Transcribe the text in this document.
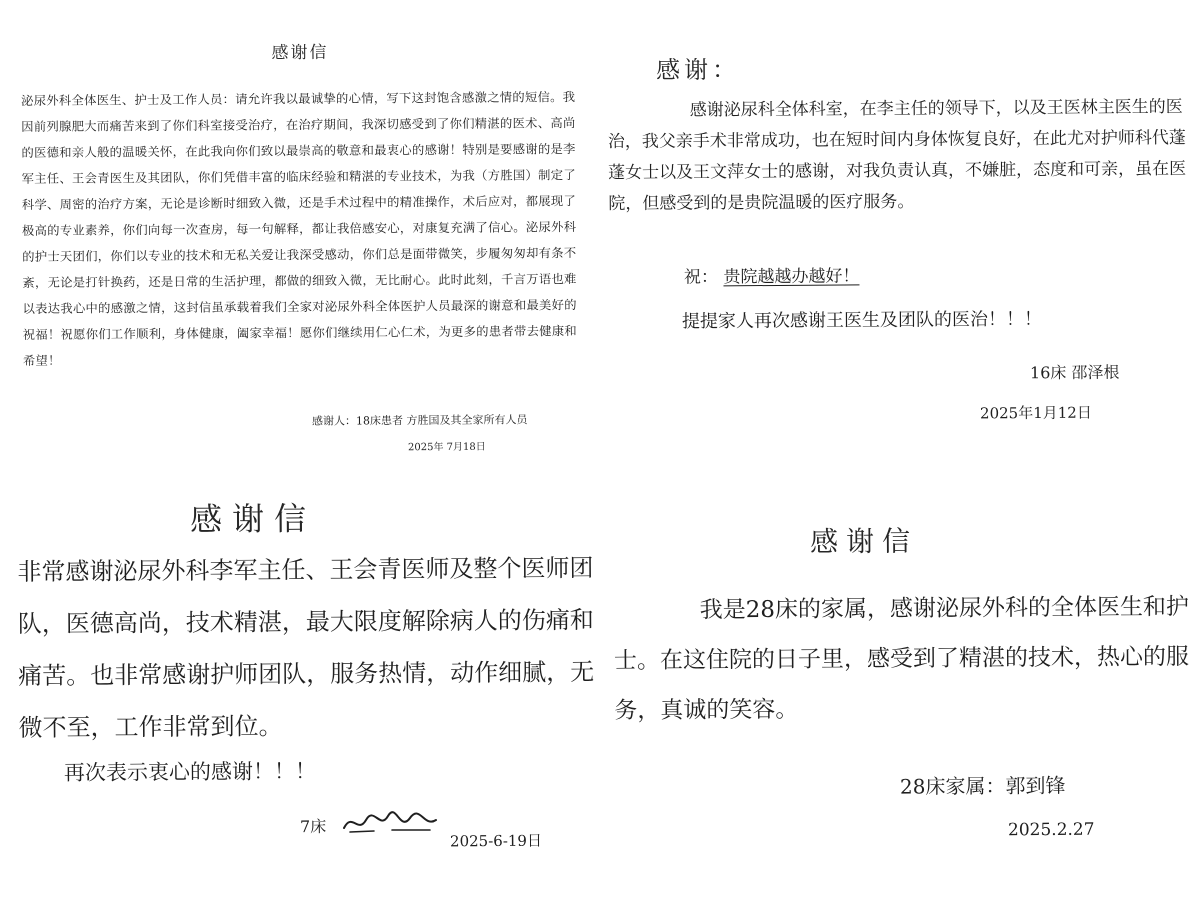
感谢信

泌尿外科全体医生、护士及工作人员：请允许我以最诚挚的心情，写下这封饱含感激之情的短信。我因前列腺肥大而痛苦来到了你们科室接受治疗，在治疗期间，我深切感受到了你们精湛的医术、高尚的医德和亲人般的温暖关怀，在此我向你们致以最崇高的敬意和最衷心的感谢！特别是要感谢的是李军主任、王会青医生及其团队，你们凭借丰富的临床经验和精湛的专业技术，为我（方胜国）制定了科学、周密的治疗方案，无论是诊断时细致入微，还是手术过程中的精准操作，术后应对，都展现了极高的专业素养，你们向每一次查房，每一句解释，都让我倍感安心，对康复充满了信心。泌尿外科的护士天团们，你们以专业的技术和无私关爱让我深受感动，你们总是面带微笑，步履匆匆却有条不紊，无论是打针换药，还是日常的生活护理，都做的细致入微，无比耐心。此时此刻，千言万语也难以表达我心中的感激之情，这封信虽承载着我们全家对泌尿外科全体医护人员最深的谢意和最美好的祝福！祝愿你们工作顺利，身体健康，阖家幸福！愿你们继续用仁心仁术，为更多的患者带去健康和希望！

感谢人：18床患者 方胜国及其全家所有人员
2025年 7月18日
感谢：

感谢泌尿科全体科室，在李主任的领导下，以及王医林主医生的医治，我父亲手术非常成功，也在短时间内身体恢复良好，在此尤对护师科代蓬蓬女士以及王文萍女士的感谢，对我负责认真，不嫌脏，态度和可亲，虽在医院，但感受到的是贵院温暖的医疗服务。

祝： 贵院越越办越好！
提提家人再次感谢王医生及团队的医治！！！
16床 邵泽根
2025年1月12日
感谢信

非常感谢泌尿外科李军主任、王会青医师及整个医师团队，医德高尚，技术精湛，最大限度解除病人的伤痛和痛苦。也非常感谢护师团队，服务热情，动作细腻，无微不至，工作非常到位。

再次表示衷心的感谢！！！
7床
2025-6-19日
感谢信

我是28床的家属，感谢泌尿外科的全体医生和护士。在这住院的日子里，感受到了精湛的技术，热心的服务，真诚的笑容。

28床家属：郭到锋
2025.2.27
